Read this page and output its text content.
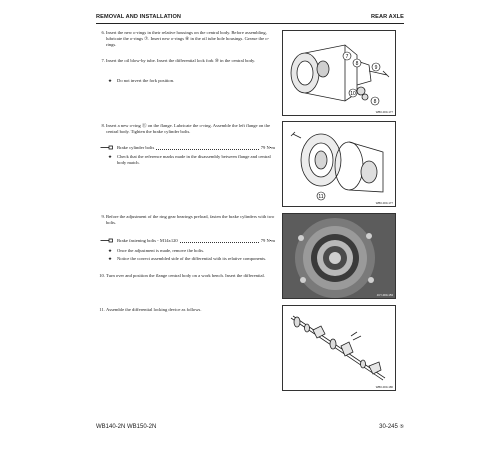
REMOVAL AND INSTALLATION	REAR AXLE
6. Insert the new o-rings in their relative housings on the central body. Before assembling, lubricate the o-rings ⑦. Insert new o-rings ⑧ in the oil tube hole housings. Grease the o-rings.
7. Insert the oil blow-by tube. Insert the differential lock fork ⑩ in the central body.
★ Do not invert the fork position.
7
8
9
10
8
WB0-000-177
8. Insert a new o-ring ⑪ on the flange. Lubricate the o-ring. Assemble the left flange on the central body. Tighten the brake cylinder bolts.
Brake cylinder bolts	79 N•m
★ Check that the reference marks made in the disassembly between flange and central body match.
11
WB0-000-177
9. Before the adjustment of the ring gear bearings preload, fasten the brake cylinders with two bolts.
Brake fastening bolts - M14x120	79 N•m
★ Once the adjustment is made, remove the bolts.
★ Notice the correct assembled side of the differential with its relative components.
10. Turn over and position the flange central body on a work bench. Insert the differential.
JCY-000-153
11. Assemble the differential locking device as follows.
WB0-000-186
WB140-2N WB150-2N	30-245 ⑤
